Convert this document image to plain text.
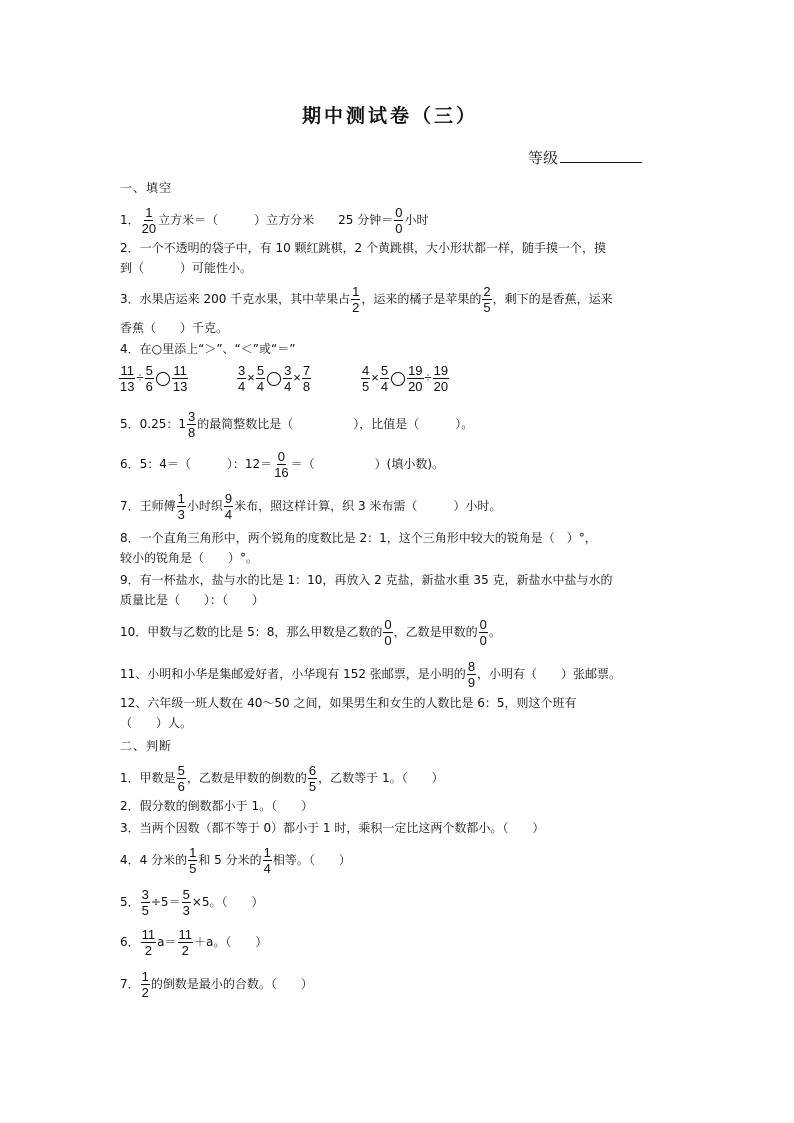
期中测试卷（三）
等级
一、填空
1． $\frac{1}{20}$ 立方米＝（　　　）立方分米　　25 分钟＝ $\frac{0}{0}$ 小时
2．一个不透明的袋子中，有 10 颗红跳棋，2 个黄跳棋，大小形状都一样，随手摸一个，摸
到（　　　）可能性小。
3．水果店运来 200 千克水果，其中苹果占 $\frac{1}{2}$ ，运来的橘子是苹果的 $\frac{2}{5}$ ，剩下的是香蕉，运来
香蕉（　　）千克。
4．在○里添上“＞”、“＜”或“＝”
$\frac{11}{13} \div \frac{5}{6} \frac{11}{13}$	$\frac{3}{4} \times \frac{5}{4} \frac{3}{4} \times \frac{7}{8}$	$\frac{4}{5} \times \frac{5}{4} \frac{19}{20} \div \frac{19}{20}$
5．0.25：$1 \frac{3}{8}$ 的最简整数比是（　　　　　），比值是（　　　）。
6．5：4＝（　　　）：$12= \frac{0}{16}$ ＝（　　　　　）(填小数)。
7．王师傅 $\frac{1}{3}$ 小时织 $\frac{9}{4}$ 米布，照这样计算，织 3 米布需（　　　）小时。
8．一个直角三角形中，两个锐角的度数比是 2：1，这个三角形中较大的锐角是（　）°，
较小的锐角是（　　）°。
9．有一杯盐水，盐与水的比是 1：10，再放入 2 克盐，新盐水重 35 克，新盐水中盐与水的
质量比是（　　）：（　　）
10．甲数与乙数的比是 5：8，那么甲数是乙数的 $\frac{0}{0}$ ，乙数是甲数的 $\frac{0}{0}$ 。
11、小明和小华是集邮爱好者，小华现有 152 张邮票，是小明的 $\frac{8}{9}$ ，小明有（　　）张邮票。
12、六年级一班人数在 40～50 之间，如果男生和女生的人数比是 6：5，则这个班有
（　　）人。
二、判断
1．甲数是 $\frac{5}{6}$ ，乙数是甲数的倒数的 $\frac{6}{5}$ ，乙数等于 1。（　　）
2．假分数的倒数都小于 1。（　　）
3．当两个因数（都不等于 0）都小于 1 时，乘积一定比这两个数都小。（　　）
4．4 分米的 $\frac{1}{5}$ 和 5 分米的 $\frac{1}{4}$ 相等。（　　）
5． $\frac{3}{5} \div 5= \frac{5}{3} \times 5$。（　　）
6． $\frac{11}{2} a= \frac{11}{2} +a$。（　　）
7． $\frac{1}{2}$ 的倒数是最小的合数。（　　）
